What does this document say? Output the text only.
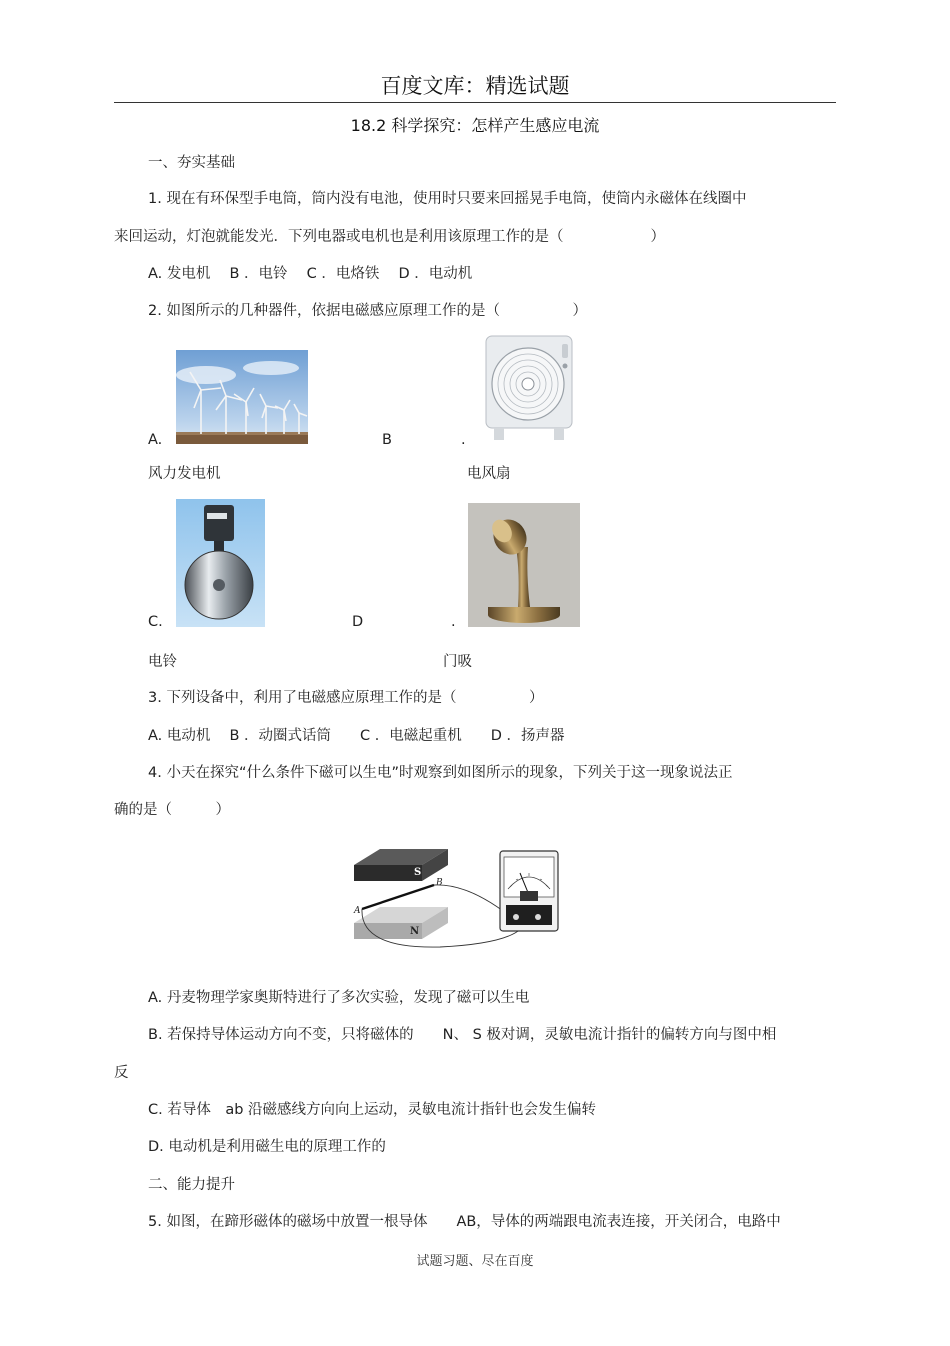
百度文库：精选试题
18.2 科学探究：怎样产生感应电流
一、夯实基础
1. 现在有环保型手电筒，筒内没有电池，使用时只要来回摇晃手电筒，使筒内永磁体在线圈中
来回运动，灯泡就能发光．下列电器或电机也是利用该原理工作的是（　　　　　　）
A. 发电机　 B ．电铃　 C ．电烙铁　 D ．电动机
2. 如图所示的几种器件，依据电磁感应原理工作的是（　　　　　）
A.
风力发电机
B	.
电风扇
C.
电铃
D	.
门吸
3. 下列设备中，利用了电磁感应原理工作的是（　　　　　）
A. 电动机　 B ．动圈式话筒　　C ．电磁起重机　　D ．扬声器
4. 小天在探究“什么条件下磁可以生电”时观察到如图所示的现象，下列关于这一现象说法正
确的是（　　　）
S
N
A
B
A. 丹麦物理学家奥斯特进行了多次实验，发现了磁可以生电
B. 若保持导体运动方向不变，只将磁体的　　N、 S 极对调，灵敏电流计指针的偏转方向与图中相
反
C. 若导体　ab 沿磁感线方向向上运动，灵敏电流计指针也会发生偏转
D. 电动机是利用磁生电的原理工作的
二、能力提升
5. 如图，在蹄形磁体的磁场中放置一根导体　　AB，导体的两端跟电流表连接，开关闭合，电路中
试题习题、尽在百度
